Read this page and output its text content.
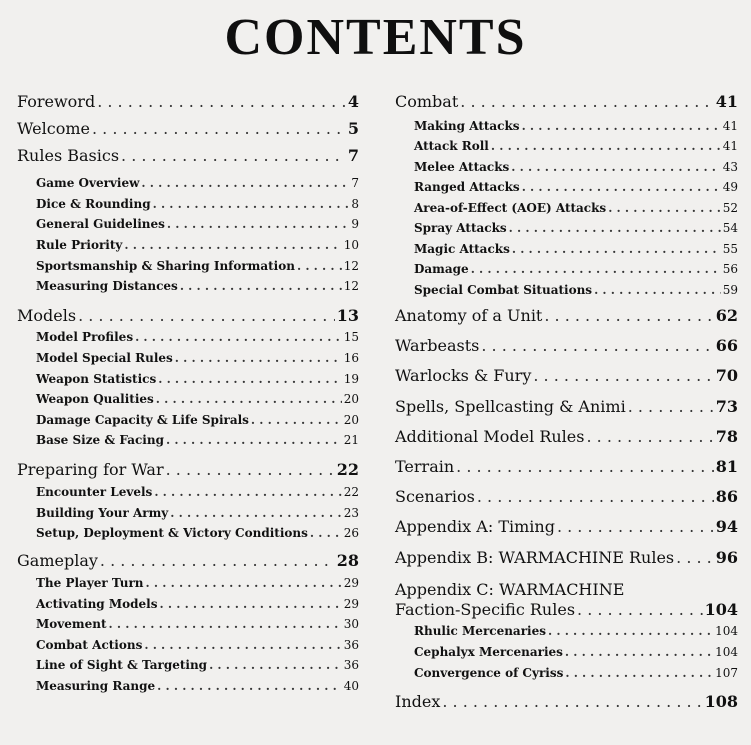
CONTENTS
Foreword . . .	4
Welcome . . .	5
Rules Basics . . .	7
Game Overview . . .	7
Dice & Rounding . . .	8
General Guidelines . . .	9
Rule Priority . . .	10
Sportsmanship & Sharing Information . . .	12
Measuring Distances . . .	12
Models . . .	13
Model Profiles . . .	15
Model Special Rules . . .	16
Weapon Statistics . . .	19
Weapon Qualities . . .	20
Damage Capacity & Life Spirals . . .	20
Base Size & Facing . . .	21
Preparing for War . . .	22
Encounter Levels . . .	22
Building Your Army . . .	23
Setup, Deployment & Victory Conditions . . .	26
Gameplay . . .	28
The Player Turn . . .	29
Activating Models . . .	29
Movement . . .	30
Combat Actions . . .	36
Line of Sight & Targeting . . .	36
Measuring Range . . .	40
Combat . . .	41
Making Attacks . . .	41
Attack Roll . . .	41
Melee Attacks . . .	43
Ranged Attacks . . .	49
Area-of-Effect (AOE) Attacks . . .	52
Spray Attacks . . .	54
Magic Attacks . . .	55
Damage . . .	56
Special Combat Situations . . .	59
Anatomy of a Unit . . .	62
Warbeasts . . .	66
Warlocks & Fury . . .	70
Spells, Spellcasting & Animi . . .	73
Additional Model Rules . . .	78
Terrain . . .	81
Scenarios . . .	86
Appendix A: Timing . . .	94
Appendix B: WARMACHINE Rules . . .	96
Appendix C: WARMACHINE
Faction-Specific Rules . . .	104
Rhulic Mercenaries . . .	104
Cephalyx Mercenaries . . .	104
Convergence of Cyriss . . .	107
Index . . .	108
